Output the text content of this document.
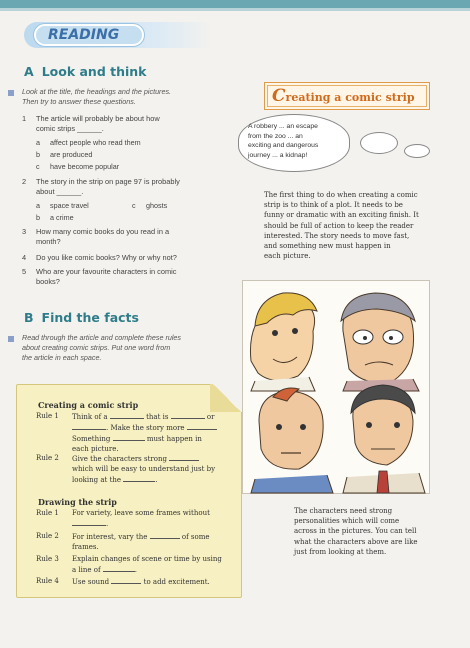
READING
A Look and think
Look at the title, the headings and the pictures.
Then try to answer these questions.
1 The article will probably be about how
comic strips ______.
a affect people who read them
b are produced
c have become popular
2 The story in the strip on page 97 is probably
about ______.
a space travel	c ghosts
b a crime
3 How many comic books do you read in a
month?
4 Do you like comic books? Why or why not?
5 Who are your favourite characters in comic
books?
B Find the facts
Read through the article and complete these rules
about creating comic strips. Put one word from
the article in each space.
Creating a comic strip
Rule 1 Think of a	that is	or
. Make the story more
Something	must happen in
each picture.
Rule 2 Give the characters strong
which will be easy to understand just by
looking at the	.
Drawing the strip
Rule 1 For variety, leave some frames without
.
Rule 2 For interest, vary the	of some
frames.
Rule 3 Explain changes of scene or time by using
a line of	.
Rule 4 Use sound	to add excitement.
Creating a comic strip
A robbery ... an escape
from the zoo ... an
exciting and dangerous
journey ... a kidnap!
The first thing to do when creating a comic
strip is to think of a plot. It needs to be
funny or dramatic with an exciting finish. It
should be full of action to keep the reader
interested. The story needs to move fast,
and something new must happen in
each picture.
The characters need strong
personalities which will come
across in the pictures. You can tell
what the characters above are like
just from looking at them.
